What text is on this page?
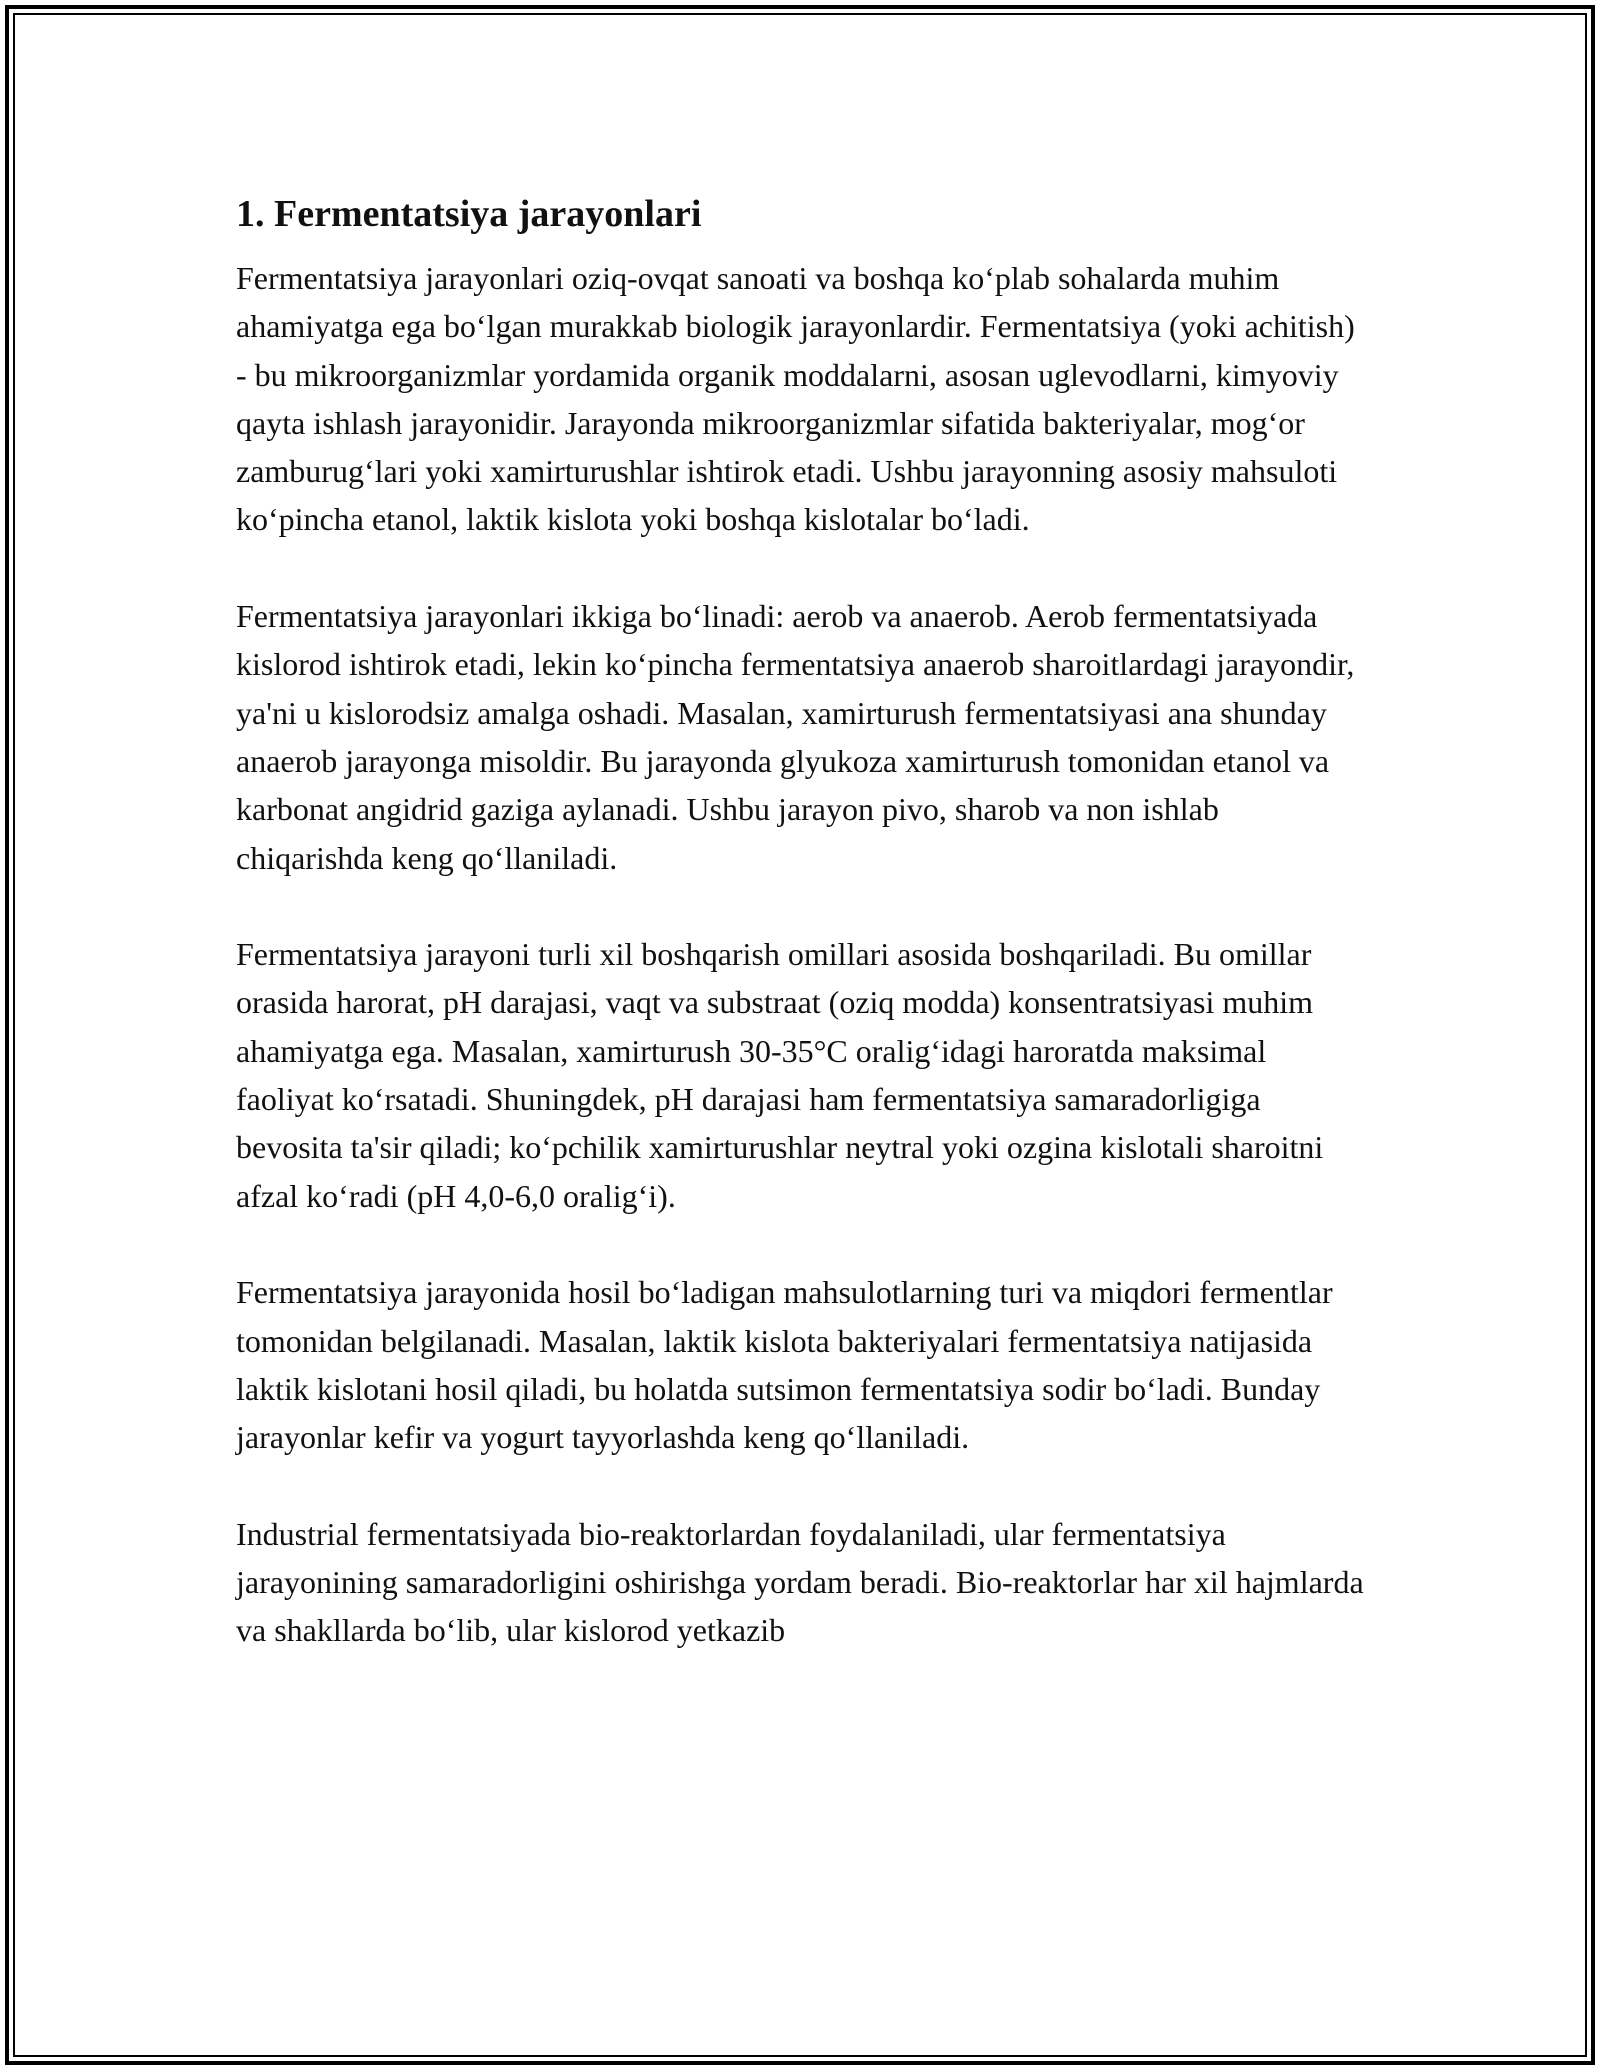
1. Fermentatsiya jarayonlari

Fermentatsiya jarayonlari oziq-ovqat sanoati va boshqa koʻplab sohalarda muhim ahamiyatga ega boʻlgan murakkab biologik jarayonlardir. Fermentatsiya (yoki achitish) - bu mikroorganizmlar yordamida organik moddalarni, asosan uglevodlarni, kimyoviy qayta ishlash jarayonidir. Jarayonda mikroorganizmlar sifatida bakteriyalar, mogʻor zamburugʻlari yoki xamirturushlar ishtirok etadi. Ushbu jarayonning asosiy mahsuloti koʻpincha etanol, laktik kislota yoki boshqa kislotalar boʻladi.

Fermentatsiya jarayonlari ikkiga boʻlinadi: aerob va anaerob. Aerob fermentatsiyada kislorod ishtirok etadi, lekin koʻpincha fermentatsiya anaerob sharoitlardagi jarayondir, ya'ni u kislorodsiz amalga oshadi. Masalan, xamirturush fermentatsiyasi ana shunday anaerob jarayonga misoldir. Bu jarayonda glyukoza xamirturush tomonidan etanol va karbonat angidrid gaziga aylanadi. Ushbu jarayon pivo, sharob va non ishlab chiqarishda keng qoʻllaniladi.

Fermentatsiya jarayoni turli xil boshqarish omillari asosida boshqariladi. Bu omillar orasida harorat, pH darajasi, vaqt va substraat (oziq modda) konsentratsiyasi muhim ahamiyatga ega. Masalan, xamirturush 30-35°C oraligʻidagi haroratda maksimal faoliyat koʻrsatadi. Shuningdek, pH darajasi ham fermentatsiya samaradorligiga bevosita ta'sir qiladi; koʻpchilik xamirturushlar neytral yoki ozgina kislotali sharoitni afzal koʻradi (pH 4,0-6,0 oraligʻi).

Fermentatsiya jarayonida hosil boʻladigan mahsulotlarning turi va miqdori fermentlar tomonidan belgilanadi. Masalan, laktik kislota bakteriyalari fermentatsiya natijasida laktik kislotani hosil qiladi, bu holatda sutsimon fermentatsiya sodir boʻladi. Bunday jarayonlar kefir va yogurt tayyorlashda keng qoʻllaniladi.

Industrial fermentatsiyada bio-reaktorlardan foydalaniladi, ular fermentatsiya jarayonining samaradorligini oshirishga yordam beradi. Bio-reaktorlar har xil hajmlarda va shakllarda boʻlib, ular kislorod yetkazib
